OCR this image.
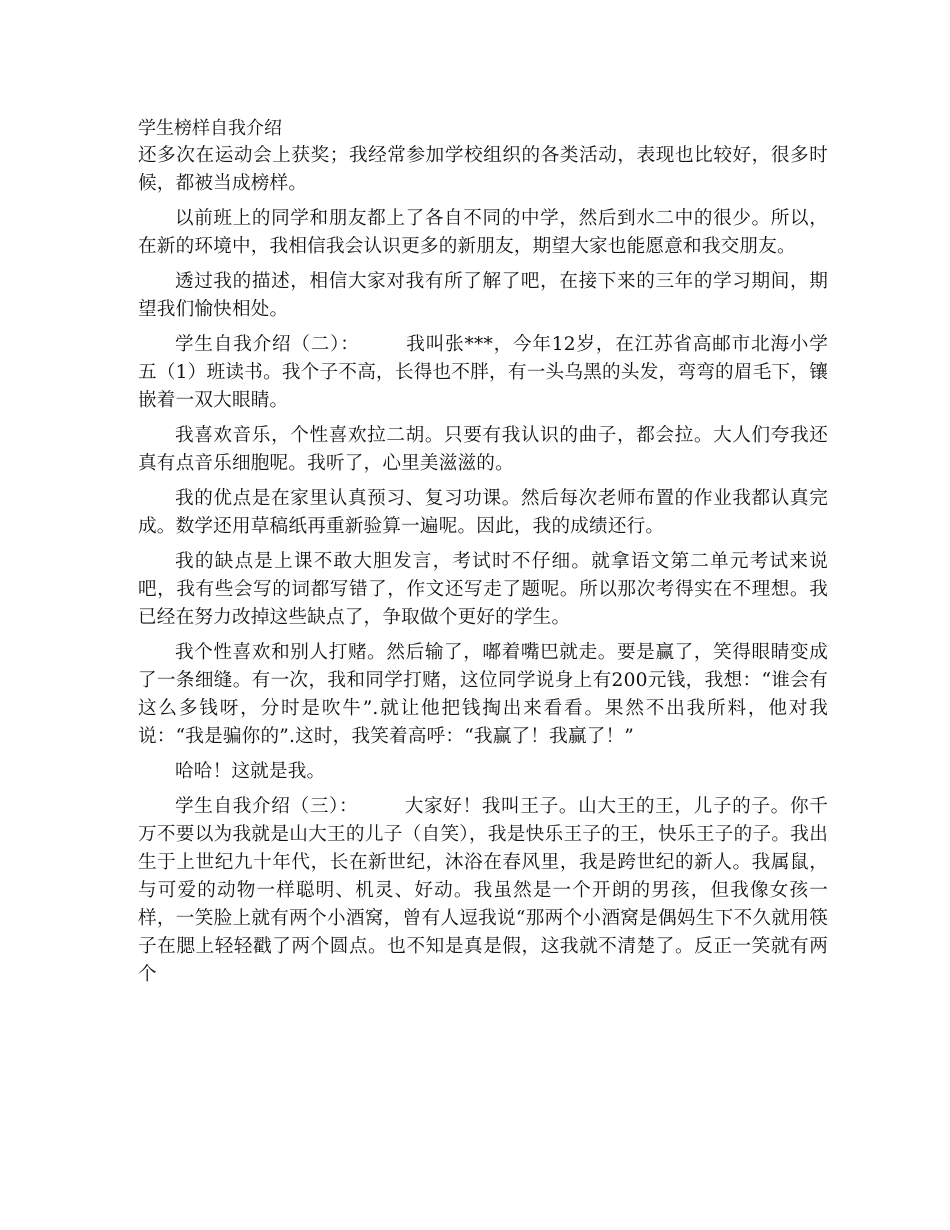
学生榜样自我介绍

还多次在运动会上获奖；我经常参加学校组织的各类活动，表现也比较好，很多时候，都被当成榜样。

以前班上的同学和朋友都上了各自不同的中学，然后到水二中的很少。所以，在新的环境中，我相信我会认识更多的新朋友，期望大家也能愿意和我交朋友。

透过我的描述，相信大家对我有所了解了吧，在接下来的三年的学习期间，期望我们愉快相处。

学生自我介绍（二）： 我叫张***，今年12岁，在江苏省高邮市北海小学五（1）班读书。我个子不高，长得也不胖，有一头乌黑的头发，弯弯的眉毛下，镶嵌着一双大眼睛。

我喜欢音乐，个性喜欢拉二胡。只要有我认识的曲子，都会拉。大人们夸我还真有点音乐细胞呢。我听了，心里美滋滋的。

我的优点是在家里认真预习、复习功课。然后每次老师布置的作业我都认真完成。数学还用草稿纸再重新验算一遍呢。因此，我的成绩还行。

我的缺点是上课不敢大胆发言，考试时不仔细。就拿语文第二单元考试来说吧，我有些会写的词都写错了，作文还写走了题呢。所以那次考得实在不理想。我已经在努力改掉这些缺点了，争取做个更好的学生。

我个性喜欢和别人打赌。然后输了，嘟着嘴巴就走。要是赢了，笑得眼睛变成了一条细缝。有一次，我和同学打赌，这位同学说身上有200元钱，我想：“谁会有这么多钱呀，分时是吹牛”.就让他把钱掏出来看看。果然不出我所料，他对我说：“我是骗你的”.这时，我笑着高呼：“我赢了！我赢了！”

哈哈！这就是我。

学生自我介绍（三）： 大家好！我叫王子。山大王的王，儿子的子。你千万不要以为我就是山大王的儿子（自笑），我是快乐王子的王，快乐王子的子。我出生于上世纪九十年代，长在新世纪，沐浴在春风里，我是跨世纪的新人。我属鼠，与可爱的动物一样聪明、机灵、好动。我虽然是一个开朗的男孩，但我像女孩一样，一笑脸上就有两个小酒窝，曾有人逗我说“那两个小酒窝是偶妈生下不久就用筷子在腮上轻轻戳了两个圆点。也不知是真是假，这我就不清楚了。反正一笑就有两个
